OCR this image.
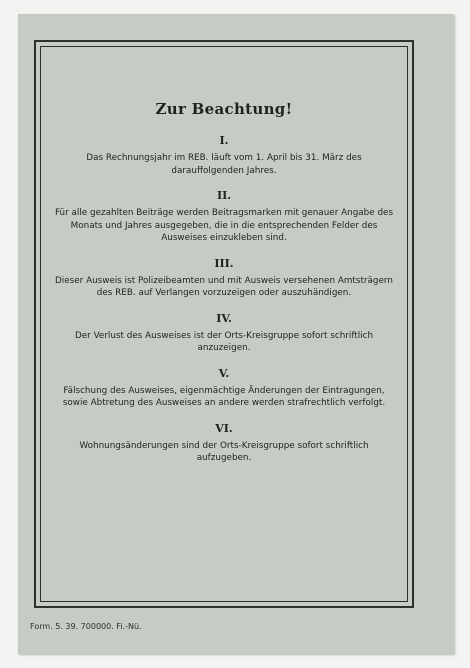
Zur Beachtung!
I.
Das Rechnungsjahr im REB. läuft vom 1. April bis 31. März des darauffolgenden Jahres.
II.
Für alle gezahlten Beiträge werden Beitragsmarken mit genauer Angabe des Monats und Jahres ausgegeben, die in die entsprechenden Felder des Ausweises einzukleben sind.
III.
Dieser Ausweis ist Polizeibeamten und mit Ausweis versehenen Amtsträgern des REB. auf Verlangen vorzuzeigen oder auszuhändigen.
IV.
Der Verlust des Ausweises ist der Orts-Kreisgruppe sofort schriftlich anzuzeigen.
V.
Fälschung des Ausweises, eigenmächtige Änderungen der Eintragungen, sowie Abtretung des Ausweises an andere werden strafrechtlich verfolgt.
VI.
Wohnungsänderungen sind der Orts-Kreisgruppe sofort schriftlich aufzugeben.
Form. 5. 39. 700000. Fi.-Nü.
